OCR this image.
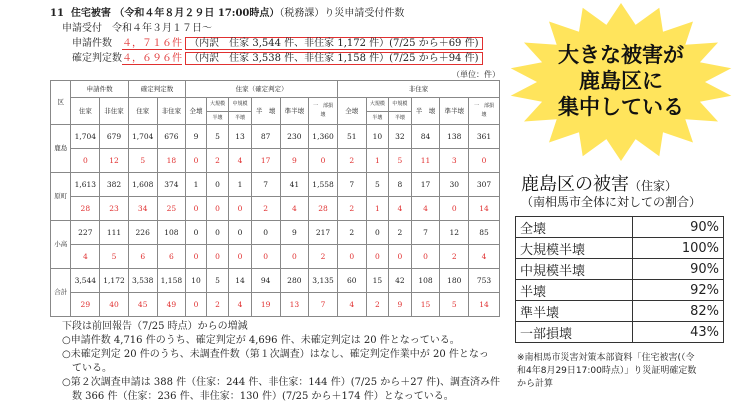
11 住宅被害 （令和４年８月２９日 17:00時点）（税務課）り災申請受付件数
申請受付　令和４年３月１７日～
申請件数　４，７１６件 （内訳　住家 3,544 件、非住家 1,172 件）(7/25 から＋69 件)
確定判定数４，６９６件 （内訳　住家 3,538 件、非住家 1,158 件）(7/25 から＋94 件)
（単位：件）
区	申請件数		確定判定数		住家（確定判定）						非住家					
	住家	非住家	住家	非住家	全壊	大規模	中規模	半　壊	準半壊	一　部損　壊	全壊	大規模	中規模	半　壊	準半壊	一　部損　壊
						半壊	半壊					半壊	半壊			
鹿島	1,704	679	1,704	676	9	5	13	87	230	1,360	51	10	32	84	138	361
	0	12	5	18	0	2	4	17	9	0	2	1	5	11	3	0
原町	1,613	382	1,608	374	1	0	1	7	41	1,558	7	5	8	17	30	307
	28	23	34	25	0	0	0	2	4	28	2	1	4	4	0	14
小高	227	111	226	108	0	0	0	0	9	217	2	0	2	7	12	85
	4	5	6	6	0	0	0	0	0	2	0	0	0	0	2	4
合計	3,544	1,172	3,538	1,158	10	5	14	94	280	3,135	60	15	42	108	180	753
	29	40	45	49	0	2	4	19	13	7	4	2	9	15	5	14
下段は前回報告（7/25 時点）からの増減
○申請件数 4,716 件のうち、確定判定が 4,696 件、未確定判定は 20 件となっている。
○未確定判定 20 件のうち、未調査件数（第１次調査）はなし、確定判定作業中が 20 件となっ
　ている。
○第２次調査申請は 388 件（住家：244 件、非住家：144 件）(7/25 から＋27 件)、調査済み件
　数 366 件（住家：236 件、非住家：130 件）(7/25 から＋174 件）となっている。
大きな被害が
鹿島区に
集中している
鹿島区の被害（住家）
（南相馬市全体に対しての割合）
全壊	90%
大規模半壊	100%
中規模半壊	90%
半壊	92%
準半壊	82%
一部損壊	43%
※南相馬市災害対策本部資料「住宅被害(（令
和4年8月29日17:00時点）」り災証明確定数
から計算
